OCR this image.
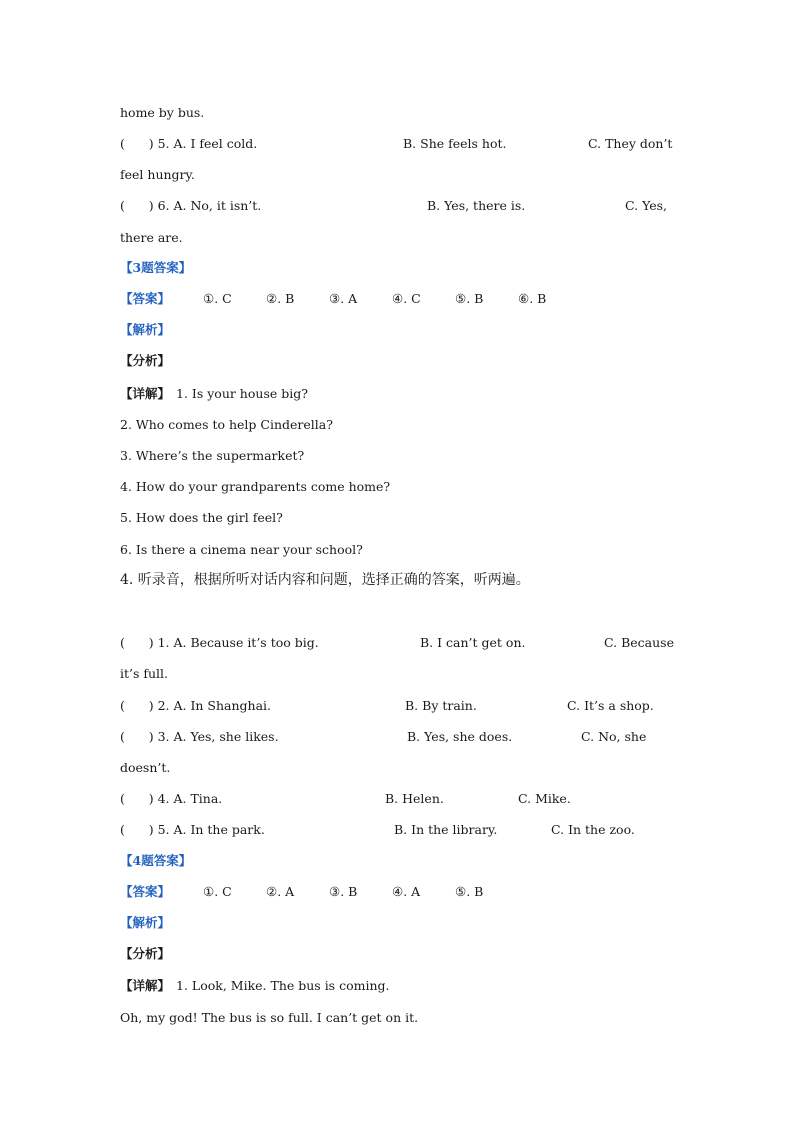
home by bus.

(      ) 5. A. I feel cold.

	B. She feels hot.

	C. They don’t

feel hungry.

(      ) 6. A. No, it isn’t.

	B. Yes, there is.

	C. Yes,

there are.
【3题答案】

【答案】

	①. C

	②. B

	③. A

	④. C

	⑤. B

	⑥. B

【解析】
【分析】

【详解】

1. Is your house big?

2. Who comes to help Cinderella?
3. Where’s the supermarket?
4. How do your grandparents come home?
5. How does the girl feel?
6. Is there a cinema near your school?
4. 听录音，根据所听对话内容和问题，选择正确的答案，听两遍。

(      ) 1. A. Because it’s too big.

	B. I can’t get on.

	C. Because

it’s full.

(      ) 2. A. In Shanghai.

	B. By train.

	C. It’s a shop.

(      ) 3. A. Yes, she likes.

	B. Yes, she does.

	C. No, she

doesn’t.

(      ) 4. A. Tina.

	B. Helen.

	C. Mike.

(      ) 5. A. In the park.

	B. In the library.

	C. In the zoo.

【4题答案】

【答案】

	①. C

	②. A

	③. B

	④. A

	⑤. B

【解析】
【分析】

【详解】

1. Look, Mike. The bus is coming.

Oh, my god! The bus is so full. I can’t get on it.
